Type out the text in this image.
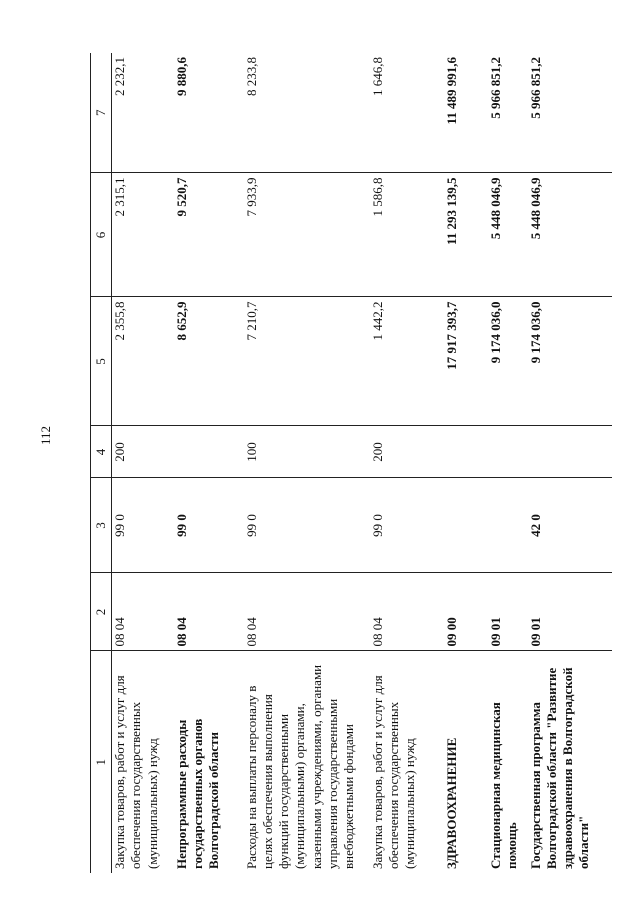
112
1	2	3	4	5	6	7
Закупка товаров, работ и услуг для обеспечения государственных (муниципальных) нужд	08 04	99 0	200	2 355,8	2 315,1	2 232,1
Непрограммные расходы государственных органов Волгоградской области	08 04	99 0		8 652,9	9 520,7	9 880,6
Расходы на выплаты персоналу в целях обеспечения выполнения функций государственными (муниципальными) органами, казенными учреждениями, органами управления государственными внебюджетными фондами	08 04	99 0	100	7 210,7	7 933,9	8 233,8
Закупка товаров, работ и услуг для обеспечения государственных (муниципальных) нужд	08 04	99 0	200	1 442,2	1 586,8	1 646,8
ЗДРАВООХРАНЕНИЕ	09 00			17 917 393,7	11 293 139,5	11 489 991,6
Стационарная медицинская помощь	09 01			9 174 036,0	5 448 046,9	5 966 851,2
Государственная программа Волгоградской области "Развитие здравоохранения в Волгоградской области"	09 01	42 0		9 174 036,0	5 448 046,9	5 966 851,2
